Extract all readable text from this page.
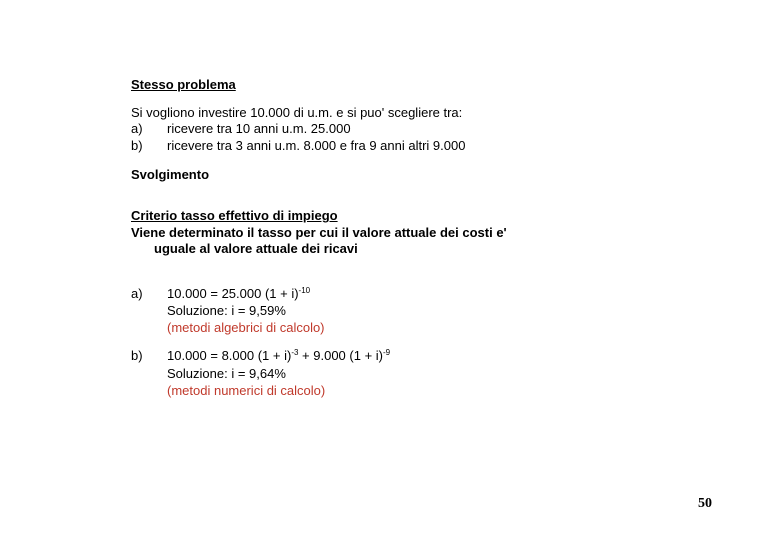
Stesso problema
Si vogliono investire 10.000 di u.m. e si puo' scegliere tra:
a) ricevere tra 10 anni u.m. 25.000
b) ricevere tra 3 anni u.m. 8.000 e fra 9 anni altri 9.000
Svolgimento
Criterio tasso effettivo di impiego
Viene determinato il tasso per cui il valore attuale dei costi e'
uguale al valore attuale dei ricavi
a) 10.000 = 25.000 $(1 + i)^{-10}$
Soluzione: i = 9,59%
(metodi algebrici di calcolo)
b) 10.000 = 8.000 $(1 + i)^{-3} + 9.000$ $(1 + i)^{-9}$
Soluzione: i = 9,64%
(metodi numerici di calcolo)
50
